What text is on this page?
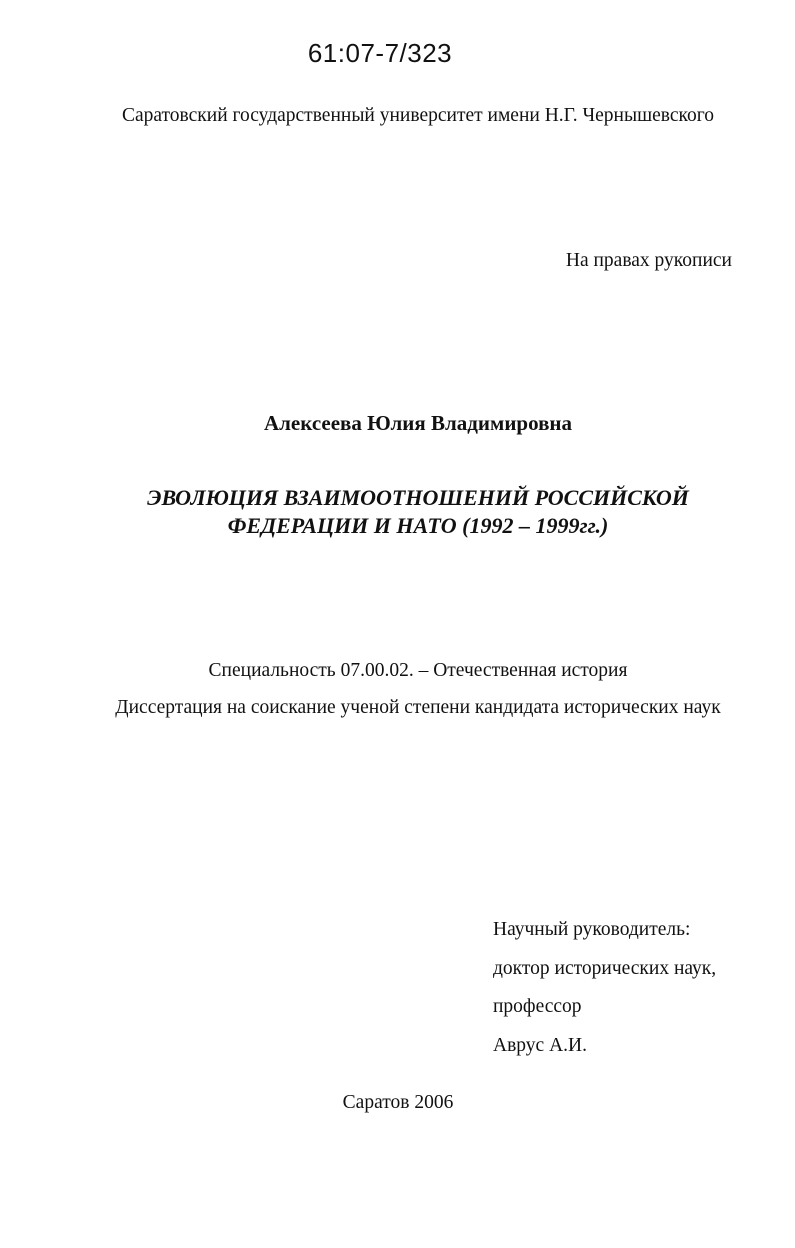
61:07-7/323

Саратовский государственный университет имени Н.Г. Чернышевского

На правах рукописи

Алексеева Юлия Владимировна

ЭВОЛЮЦИЯ ВЗАИМООТНОШЕНИЙ РОССИЙСКОЙ
ФЕДЕРАЦИИ И НАТО (1992 – 1999гг.)

Специальность 07.00.02. – Отечественная история

Диссертация на соискание ученой степени кандидата исторических наук

Научный руководитель:
доктор исторических наук,
профессор
Аврус А.И.

Саратов 2006
